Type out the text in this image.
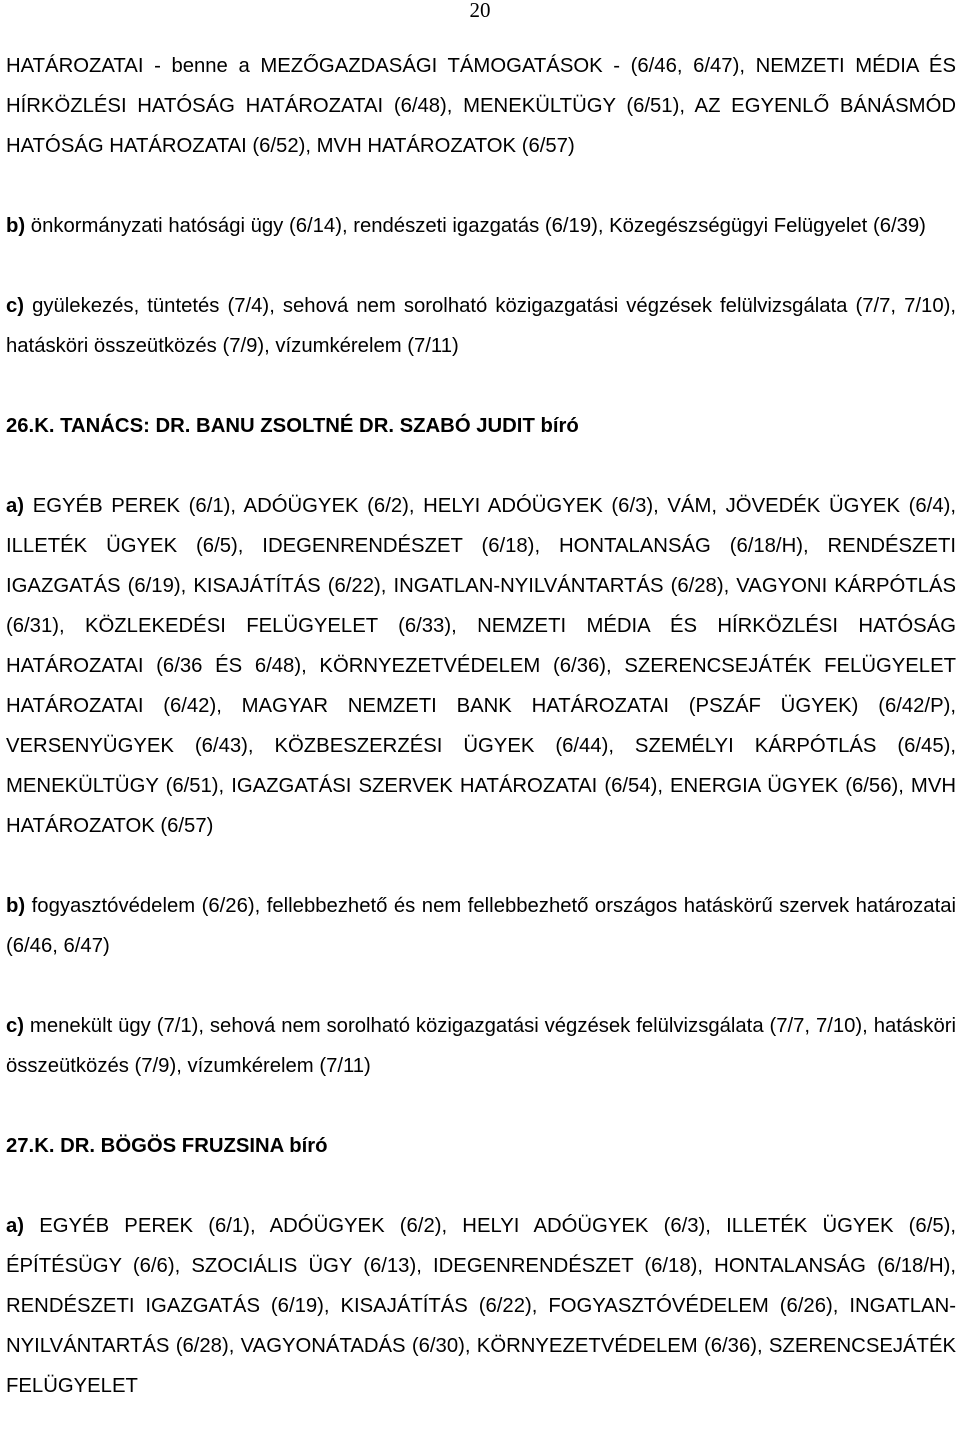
20

HATÁROZATAI - benne a MEZŐGAZDASÁGI TÁMOGATÁSOK - (6/46, 6/47), NEMZETI MÉDIA ÉS HÍRKÖZLÉSI HATÓSÁG HATÁROZATAI (6/48), MENEKÜLTÜGY (6/51), AZ EGYENLŐ BÁNÁSMÓD HATÓSÁG HATÁROZATAI (6/52), MVH HATÁROZATOK (6/57)

b) önkormányzati hatósági ügy (6/14), rendészeti igazgatás (6/19), Közegészségügyi Felügyelet (6/39)

c) gyülekezés, tüntetés (7/4), sehová nem sorolható közigazgatási végzések felülvizsgálata (7/7, 7/10), hatásköri összeütközés (7/9), vízumkérelem (7/11)

26.K. TANÁCS: DR. BANU ZSOLTNÉ DR. SZABÓ JUDIT bíró

a) EGYÉB PEREK (6/1), ADÓÜGYEK (6/2), HELYI ADÓÜGYEK (6/3), VÁM, JÖVEDÉK ÜGYEK (6/4), ILLETÉK ÜGYEK (6/5), IDEGENRENDÉSZET (6/18), HONTALANSÁG (6/18/H), RENDÉSZETI IGAZGATÁS (6/19), KISAJÁTÍTÁS (6/22), INGATLAN-NYILVÁNTARTÁS (6/28), VAGYONI KÁRPÓTLÁS (6/31), KÖZLEKEDÉSI FELÜGYELET (6/33), NEMZETI MÉDIA ÉS HÍRKÖZLÉSI HATÓSÁG HATÁROZATAI (6/36 ÉS 6/48), KÖRNYEZETVÉDELEM (6/36), SZERENCSEJÁTÉK FELÜGYELET HATÁROZATAI (6/42), MAGYAR NEMZETI BANK HATÁROZATAI (PSZÁF ÜGYEK) (6/42/P), VERSENYÜGYEK (6/43), KÖZBESZERZÉSI ÜGYEK (6/44), SZEMÉLYI KÁRPÓTLÁS (6/45), MENEKÜLTÜGY (6/51), IGAZGATÁSI SZERVEK HATÁROZATAI (6/54), ENERGIA ÜGYEK (6/56), MVH HATÁROZATOK (6/57)

b) fogyasztóvédelem (6/26), fellebbezhető és nem fellebbezhető országos hatáskörű szervek határozatai (6/46, 6/47)

c) menekült ügy (7/1), sehová nem sorolható közigazgatási végzések felülvizsgálata (7/7, 7/10), hatásköri összeütközés (7/9), vízumkérelem (7/11)

27.K. DR. BÖGÖS FRUZSINA bíró

a) EGYÉB PEREK (6/1), ADÓÜGYEK (6/2), HELYI ADÓÜGYEK (6/3), ILLETÉK ÜGYEK (6/5), ÉPÍTÉSÜGY (6/6), SZOCIÁLIS ÜGY (6/13), IDEGENRENDÉSZET (6/18), HONTALANSÁG (6/18/H), RENDÉSZETI IGAZGATÁS (6/19), KISAJÁTÍTÁS (6/22), FOGYASZTÓVÉDELEM (6/26), INGATLAN-NYILVÁNTARTÁS (6/28), VAGYONÁTADÁS (6/30), KÖRNYEZETVÉDELEM (6/36), SZERENCSEJÁTÉK FELÜGYELET
